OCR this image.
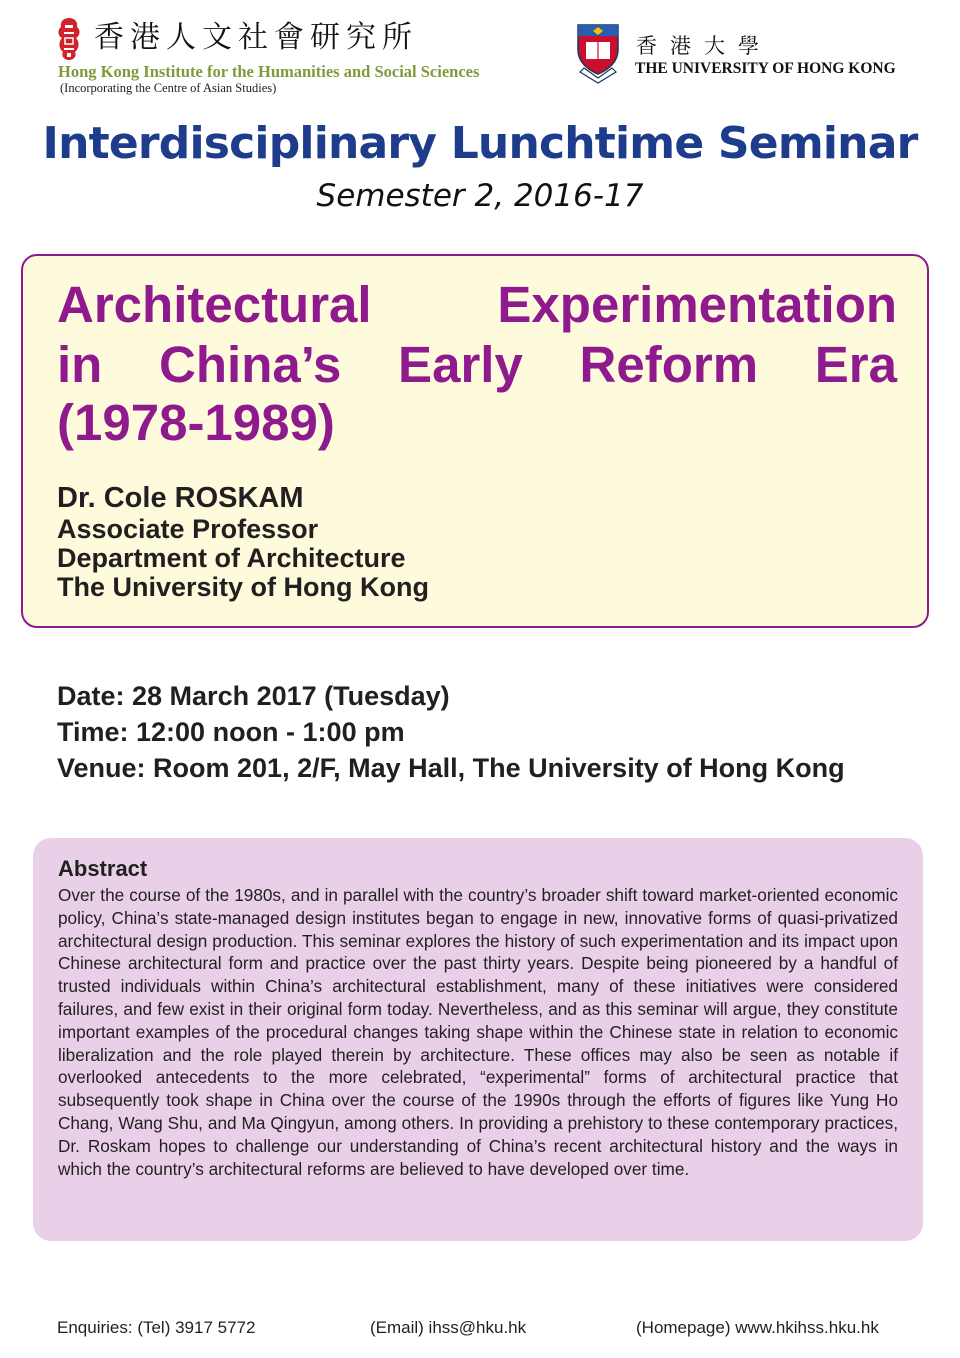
香港人文社會研究所
Hong Kong Institute for the Humanities and Social Sciences
(Incorporating the Centre of Asian Studies)
香港大學
THE UNIVERSITY OF HONG KONG
Interdisciplinary Lunchtime Seminar
Semester 2, 2016-17
Architectural Experimentation
in China’s Early Reform Era
(1978-1989)
Dr. Cole ROSKAM
Associate Professor
Department of Architecture
The University of Hong Kong
Date: 28 March 2017 (Tuesday)
Time: 12:00 noon - 1:00 pm
Venue: Room 201, 2/F, May Hall, The University of Hong Kong
Abstract
Over the course of the 1980s, and in parallel with the country’s broader shift toward market-oriented economic policy, China’s state-managed design institutes began to engage in new, innovative forms of quasi-privatized architectural design production. This seminar explores the history of such experimentation and its impact upon Chinese architectural form and practice over the past thirty years. Despite being pioneered by a handful of trusted individuals within China’s architectural establishment, many of these initiatives were considered failures, and few exist in their original form today. Nevertheless, and as this seminar will argue, they constitute important examples of the procedural changes taking shape within the Chinese state in relation to economic liberalization and the role played therein by architecture. These offices may also be seen as notable if overlooked antecedents to the more celebrated, “experimental” forms of architectural practice that subsequently took shape in China over the course of the 1990s through the efforts of figures like Yung Ho Chang, Wang Shu, and Ma Qingyun, among others. In providing a prehistory to these contemporary practices, Dr. Roskam hopes to challenge our understanding of China’s recent architectural history and the ways in which the country’s architectural reforms are believed to have developed over time.
Enquiries: (Tel) 3917 5772	(Email) ihss@hku.hk	(Homepage) www.hkihss.hku.hk
